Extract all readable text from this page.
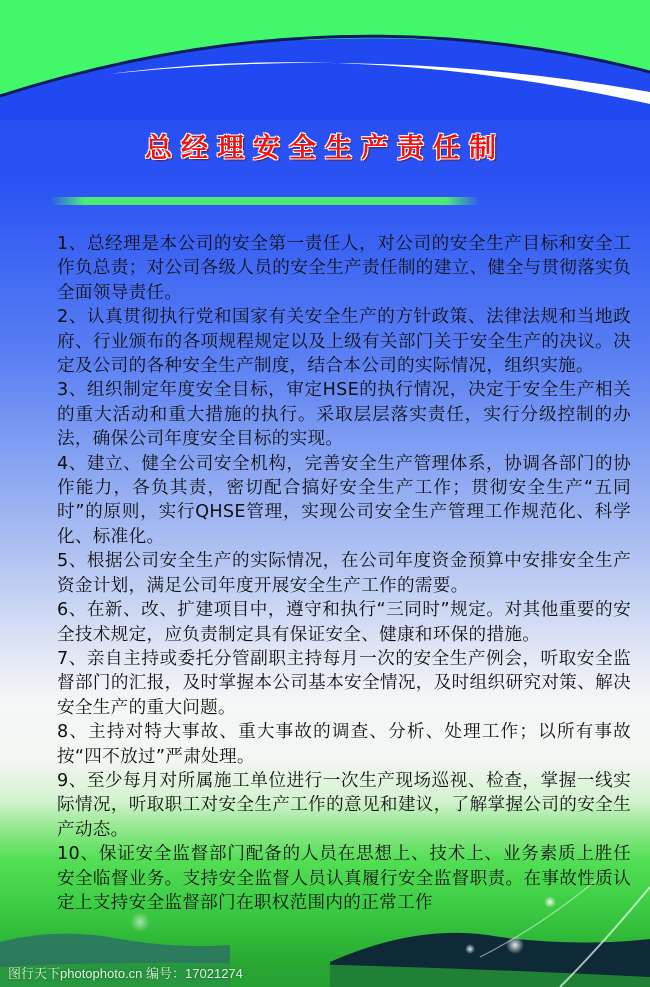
总经理安全生产责任制

1、总经理是本公司的安全第一责任人，对公司的安全生产目标和安全工作负总责；对公司各级人员的安全生产责任制的建立、健全与贯彻落实负全面领导责任。

2、认真贯彻执行党和国家有关安全生产的方针政策、法律法规和当地政府、行业颁布的各项规程规定以及上级有关部门关于安全生产的决议。决定及公司的各种安全生产制度，结合本公司的实际情况，组织实施。

3、组织制定年度安全目标，审定HSE的执行情况，决定于安全生产相关的重大活动和重大措施的执行。采取层层落实责任，实行分级控制的办法，确保公司年度安全目标的实现。

4、建立、健全公司安全机构，完善安全生产管理体系，协调各部门的协作能力，各负其责，密切配合搞好安全生产工作；贯彻安全生产“五同时”的原则，实行QHSE管理，实现公司安全生产管理工作规范化、科学化、标准化。

5、根据公司安全生产的实际情况，在公司年度资金预算中安排安全生产资金计划，满足公司年度开展安全生产工作的需要。

6、在新、改、扩建项目中，遵守和执行“三同时”规定。对其他重要的安全技术规定，应负责制定具有保证安全、健康和环保的措施。

7、亲自主持或委托分管副职主持每月一次的安全生产例会，听取安全监督部门的汇报，及时掌握本公司基本安全情况，及时组织研究对策、解决安全生产的重大问题。

8、主持对特大事故、重大事故的调查、分析、处理工作；以所有事故按“四不放过”严肃处理。

9、至少每月对所属施工单位进行一次生产现场巡视、检查，掌握一线实际情况，听取职工对安全生产工作的意见和建议，了解掌握公司的安全生产动态。

10、保证安全监督部门配备的人员在思想上、技术上、业务素质上胜任安全临督业务。支持安全监督人员认真履行安全监督职责。在事故性质认定上支持安全监督部门在职权范围内的正常工作

图行天下photophoto.cn 编号：17021274
